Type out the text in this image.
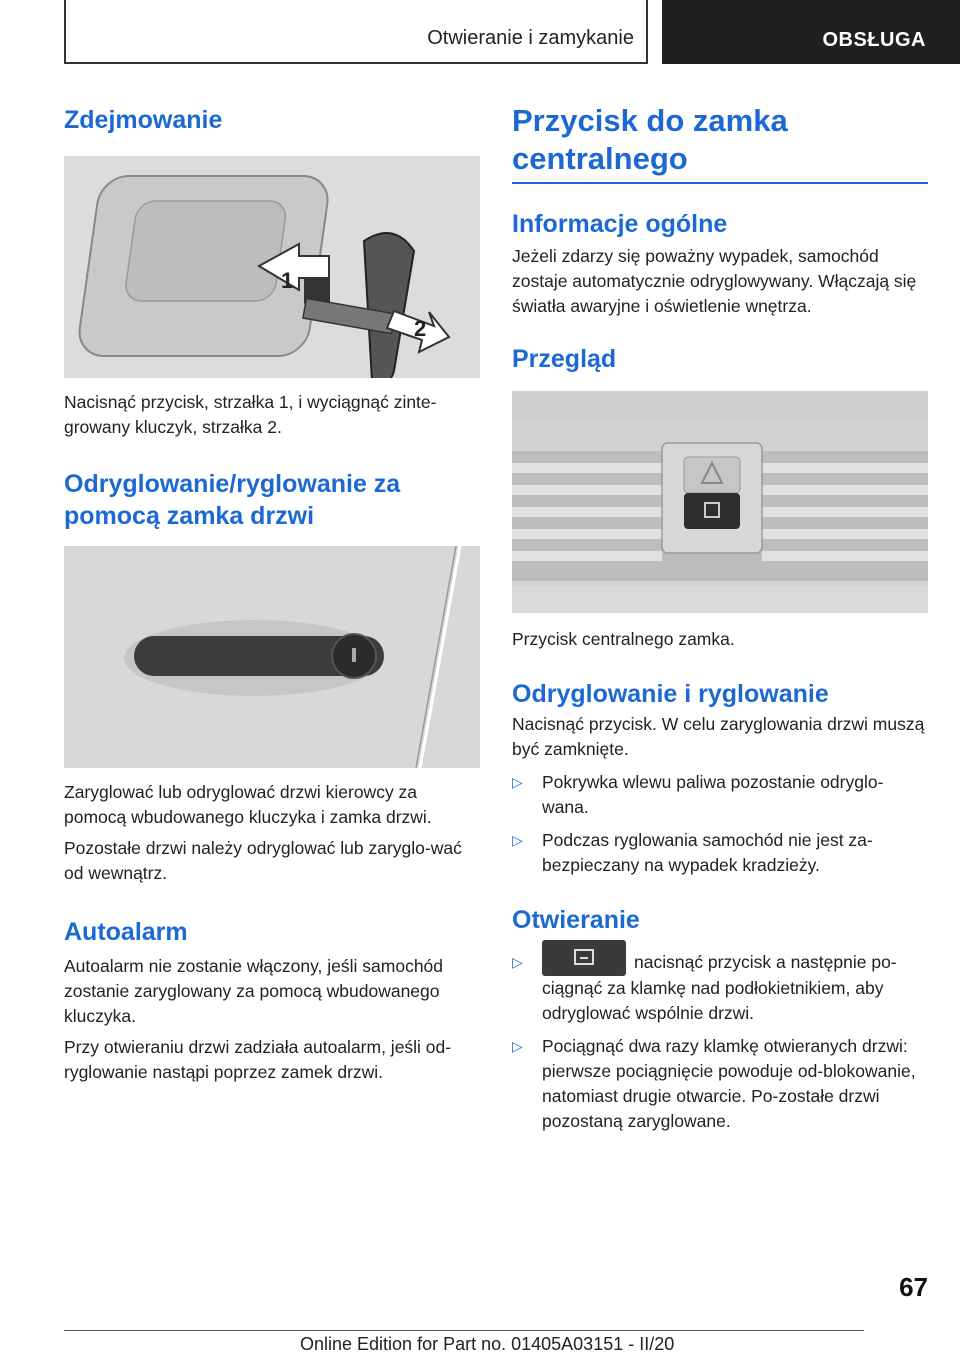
Otwieranie i zamykanie	OBSŁUGA
Zdejmowanie
1
2

Nacisnąć przycisk, strzałka 1, i wyciągnąć zinte-growany kluczyk, strzałka 2.

Odryglowanie/ryglowanie za pomocą zamka drzwi

Zaryglować lub odryglować drzwi kierowcy za pomocą wbudowanego kluczyka i zamka drzwi.

Pozostałe drzwi należy odryglować lub zaryglo-wać od wewnątrz.

Autoalarm

Autoalarm nie zostanie włączony, jeśli samochód zostanie zaryglowany za pomocą wbudowanego kluczyka.

Przy otwieraniu drzwi zadziała autoalarm, jeśli od-ryglowanie nastąpi poprzez zamek drzwi.

Przycisk do zamka centralnego
Informacje ogólne

Jeżeli zdarzy się poważny wypadek, samochód zostaje automatycznie odryglowywany. Włączają się światła awaryjne i oświetlenie wnętrza.

Przegląd

Przycisk centralnego zamka.

Odryglowanie i ryglowanie

Nacisnąć przycisk. W celu zaryglowania drzwi muszą być zamknięte.

▷ Pokrywka wlewu paliwa pozostanie odryglo-wana.
▷ Podczas ryglowania samochód nie jest za-bezpieczany na wypadek kradzieży.
Otwieranie
▷	nacisnąć przycisk a następnie po-ciągnąć za klamkę nad podłokietnikiem, aby odryglować wspólnie drzwi.
▷ Pociągnąć dwa razy klamkę otwieranych drzwi: pierwsze pociągnięcie powoduje od-blokowanie, natomiast drugie otwarcie. Po-zostałe drzwi pozostaną zaryglowane.
67
Online Edition for Part no. 01405A03151 - II/20
